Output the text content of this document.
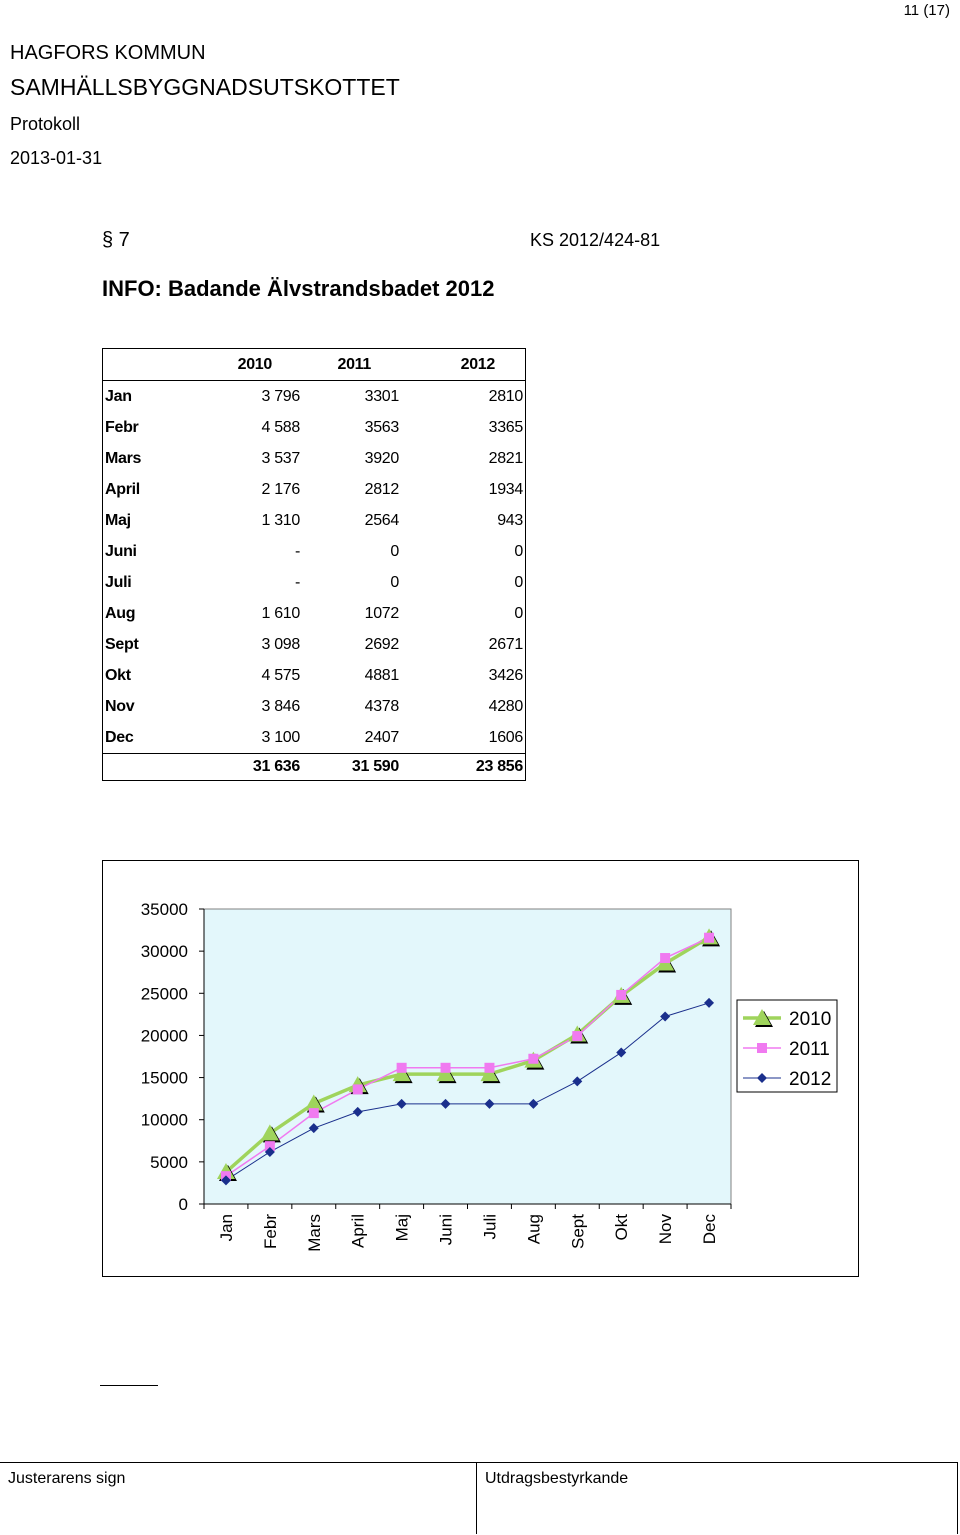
11 (17)
HAGFORS KOMMUN
SAMHÄLLSBYGGNADSUTSKOTTET
Protokoll
2013-01-31
§ 7	KS 2012/424-81
INFO: Badande Älvstrandsbadet 2012
	2010	2011	2012
Jan	3 796	3301	2810
Febr	4 588	3563	3365
Mars	3 537	3920	2821
April	2 176	2812	1934
Maj	1 310	2564	943
Juni	-	0	0
Juli	-	0	0
Aug	1 610	1072	0
Sept	3 098	2692	2671
Okt	4 575	4881	3426
Nov	3 846	4378	4280
Dec	3 100	2407	1606
	31 636	31 590	23 856
0
5000
10000
15000
20000
25000
30000
35000
Jan Febr Mars April Maj Juni Juli Aug Sept Okt Nov Dec
2010
2011
2012
Justerarens sign	Utdragsbestyrkande
